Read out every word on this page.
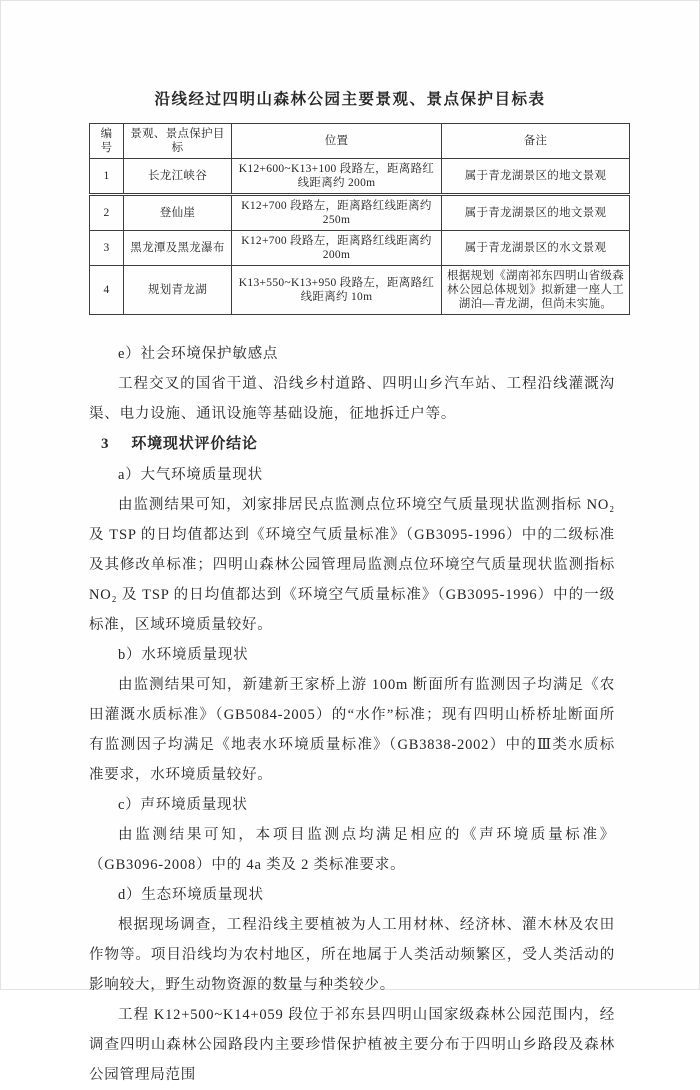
沿线经过四明山森林公园主要景观、景点保护目标表
编号	景观、景点保护目标	位置	备注
1	长龙江峡谷	K12+600~K13+100 段路左，距离路红线距离约 200m	属于青龙湖景区的地文景观
2	登仙崖	K12+700 段路左，距离路红线距离约 250m	属于青龙湖景区的地文景观
3	黑龙潭及黑龙瀑布	K12+700 段路左，距离路红线距离约 200m	属于青龙湖景区的水文景观
4	规划青龙湖	K13+550~K13+950 段路左，距离路红线距离约 10m	根据规划《湖南祁东四明山省级森林公园总体规划》拟新建一座人工湖泊—青龙湖，但尚未实施。

e）社会环境保护敏感点

工程交叉的国省干道、沿线乡村道路、四明山乡汽车站、工程沿线灌溉沟渠、电力设施、通讯设施等基础设施，征地拆迁户等。

3 环境现状评价结论

a）大气环境质量现状

由监测结果可知，刘家排居民点监测点位环境空气质量现状监测指标 NO₂ 及 TSP 的日均值都达到《环境空气质量标准》（GB3095-1996）中的二级标准及其修改单标准；四明山森林公园管理局监测点位环境空气质量现状监测指标 NO₂ 及 TSP 的日均值都达到《环境空气质量标准》（GB3095-1996）中的一级标准，区域环境质量较好。

b）水环境质量现状

由监测结果可知，新建新王家桥上游 100m 断面所有监测因子均满足《农田灌溉水质标准》（GB5084-2005）的“水作”标准；现有四明山桥桥址断面所有监测因子均满足《地表水环境质量标准》（GB3838-2002）中的Ⅲ类水质标准要求，水环境质量较好。

c）声环境质量现状

由监测结果可知，本项目监测点均满足相应的《声环境质量标准》（GB3096-2008）中的 4a 类及 2 类标准要求。

d）生态环境质量现状

根据现场调查，工程沿线主要植被为人工用材林、经济林、灌木林及农田作物等。项目沿线均为农村地区，所在地属于人类活动频繁区，受人类活动的影响较大，野生动物资源的数量与种类较少。

工程 K12+500~K14+059 段位于祁东县四明山国家级森林公园范围内，经调查四明山森林公园路段内主要珍惜保护植被主要分布于四明山乡路段及森林公园管理局范围
